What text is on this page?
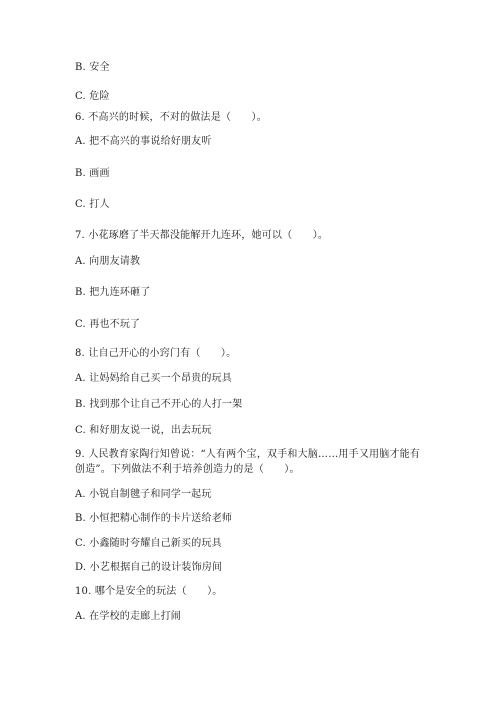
B. 安全
C. 危险
6. 不高兴的时候，不对的做法是（　　）。
A. 把不高兴的事说给好朋友听
B. 画画
C. 打人
7. 小花琢磨了半天都没能解开九连环，她可以（　　）。
A. 向朋友请教
B. 把九连环砸了
C. 再也不玩了
8. 让自己开心的小窍门有（　　）。
A. 让妈妈给自己买一个昂贵的玩具
B. 找到那个让自己不开心的人打一架
C. 和好朋友说一说，出去玩玩
9. 人民教育家陶行知曾说：“人有两个宝，双手和大脑……用手又用脑才能有
创造”。下列做法不利于培养创造力的是（　　）。
A. 小锐自制毽子和同学一起玩
B. 小恒把精心制作的卡片送给老师
C. 小鑫随时夸耀自己新买的玩具
D. 小艺根据自己的设计装饰房间
10. 哪个是安全的玩法（　　）。
A. 在学校的走廊上打闹
